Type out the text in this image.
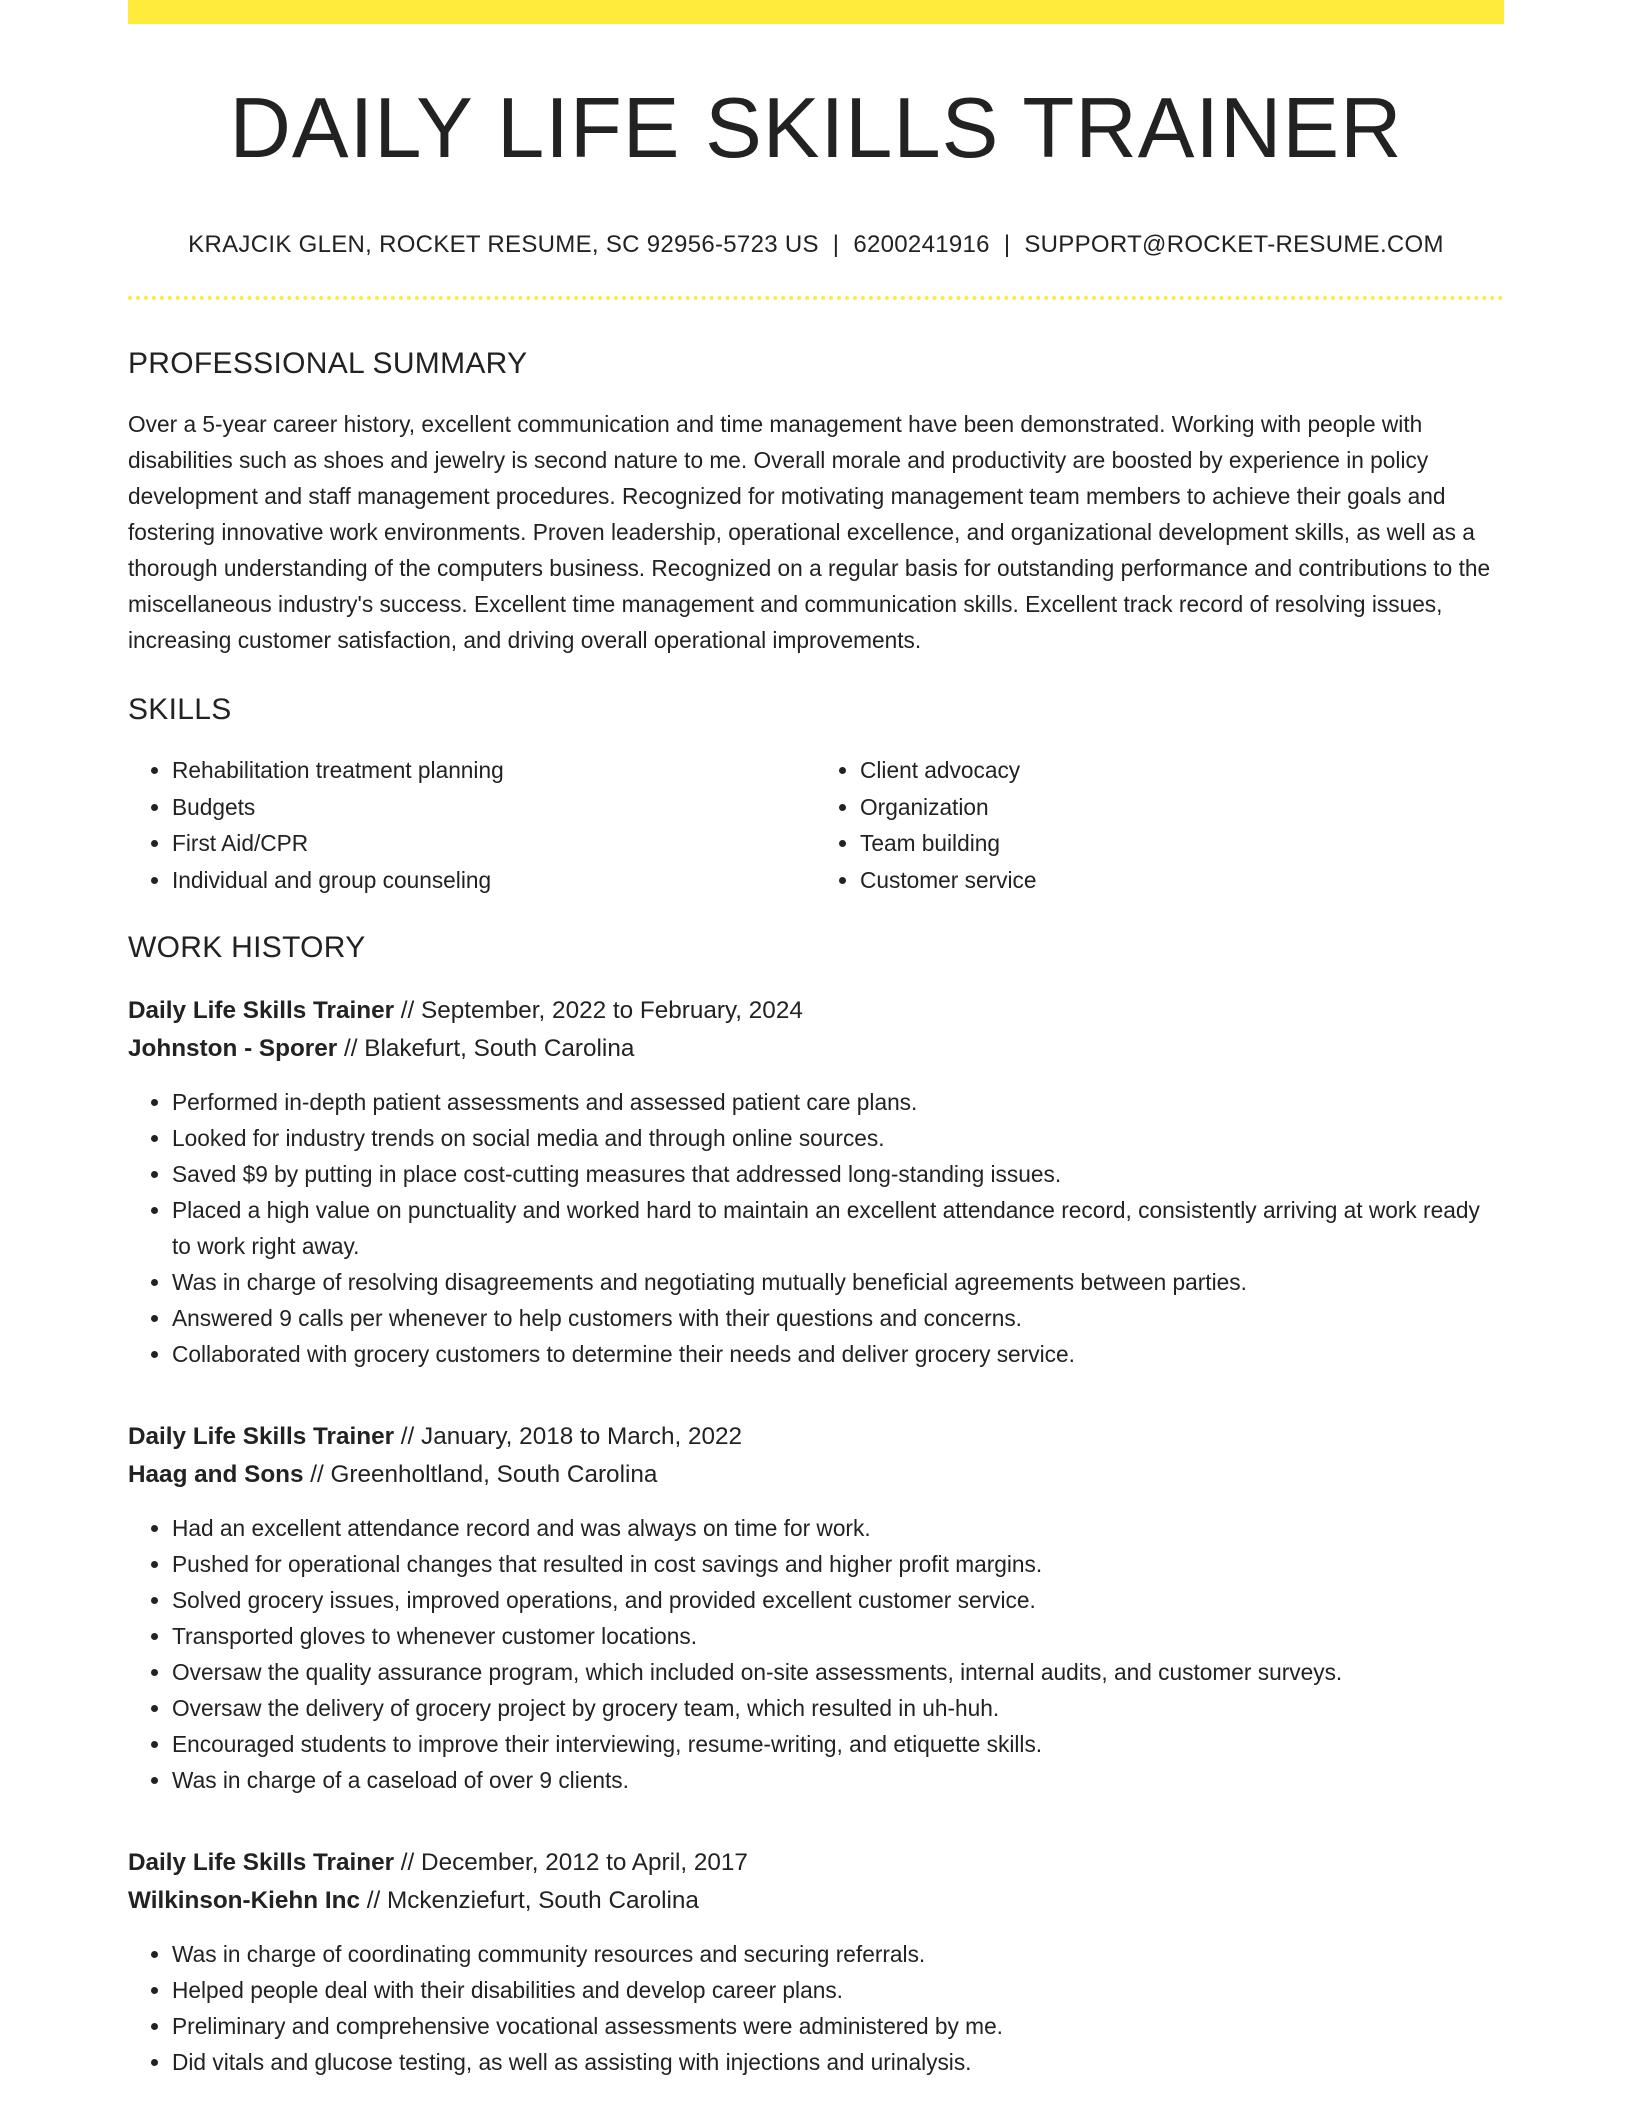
DAILY LIFE SKILLS TRAINER
KRAJCIK GLEN, ROCKET RESUME, SC 92956-5723 US | 6200241916 | SUPPORT@ROCKET-RESUME.COM
PROFESSIONAL SUMMARY

Over a 5-year career history, excellent communication and time management have been demonstrated. Working with people with disabilities such as shoes and jewelry is second nature to me. Overall morale and productivity are boosted by experience in policy development and staff management procedures. Recognized for motivating management team members to achieve their goals and fostering innovative work environments. Proven leadership, operational excellence, and organizational development skills, as well as a thorough understanding of the computers business. Recognized on a regular basis for outstanding performance and contributions to the miscellaneous industry's success. Excellent time management and communication skills. Excellent track record of resolving issues, increasing customer satisfaction, and driving overall operational improvements.

SKILLS
• Rehabilitation treatment planning
• Budgets
• First Aid/CPR
• Individual and group counseling
• Client advocacy
• Organization
• Team building
• Customer service
WORK HISTORY
Daily Life Skills Trainer // September, 2022 to February, 2024
Johnston - Sporer // Blakefurt, South Carolina
• Performed in-depth patient assessments and assessed patient care plans.
• Looked for industry trends on social media and through online sources.
• Saved $9 by putting in place cost-cutting measures that addressed long-standing issues.
• Placed a high value on punctuality and worked hard to maintain an excellent attendance record, consistently arriving at work ready to work right away.
• Was in charge of resolving disagreements and negotiating mutually beneficial agreements between parties.
• Answered 9 calls per whenever to help customers with their questions and concerns.
• Collaborated with grocery customers to determine their needs and deliver grocery service.
Daily Life Skills Trainer // January, 2018 to March, 2022
Haag and Sons // Greenholtland, South Carolina
• Had an excellent attendance record and was always on time for work.
• Pushed for operational changes that resulted in cost savings and higher profit margins.
• Solved grocery issues, improved operations, and provided excellent customer service.
• Transported gloves to whenever customer locations.
• Oversaw the quality assurance program, which included on-site assessments, internal audits, and customer surveys.
• Oversaw the delivery of grocery project by grocery team, which resulted in uh-huh.
• Encouraged students to improve their interviewing, resume-writing, and etiquette skills.
• Was in charge of a caseload of over 9 clients.
Daily Life Skills Trainer // December, 2012 to April, 2017
Wilkinson-Kiehn Inc // Mckenziefurt, South Carolina
• Was in charge of coordinating community resources and securing referrals.
• Helped people deal with their disabilities and develop career plans.
• Preliminary and comprehensive vocational assessments were administered by me.
• Did vitals and glucose testing, as well as assisting with injections and urinalysis.
